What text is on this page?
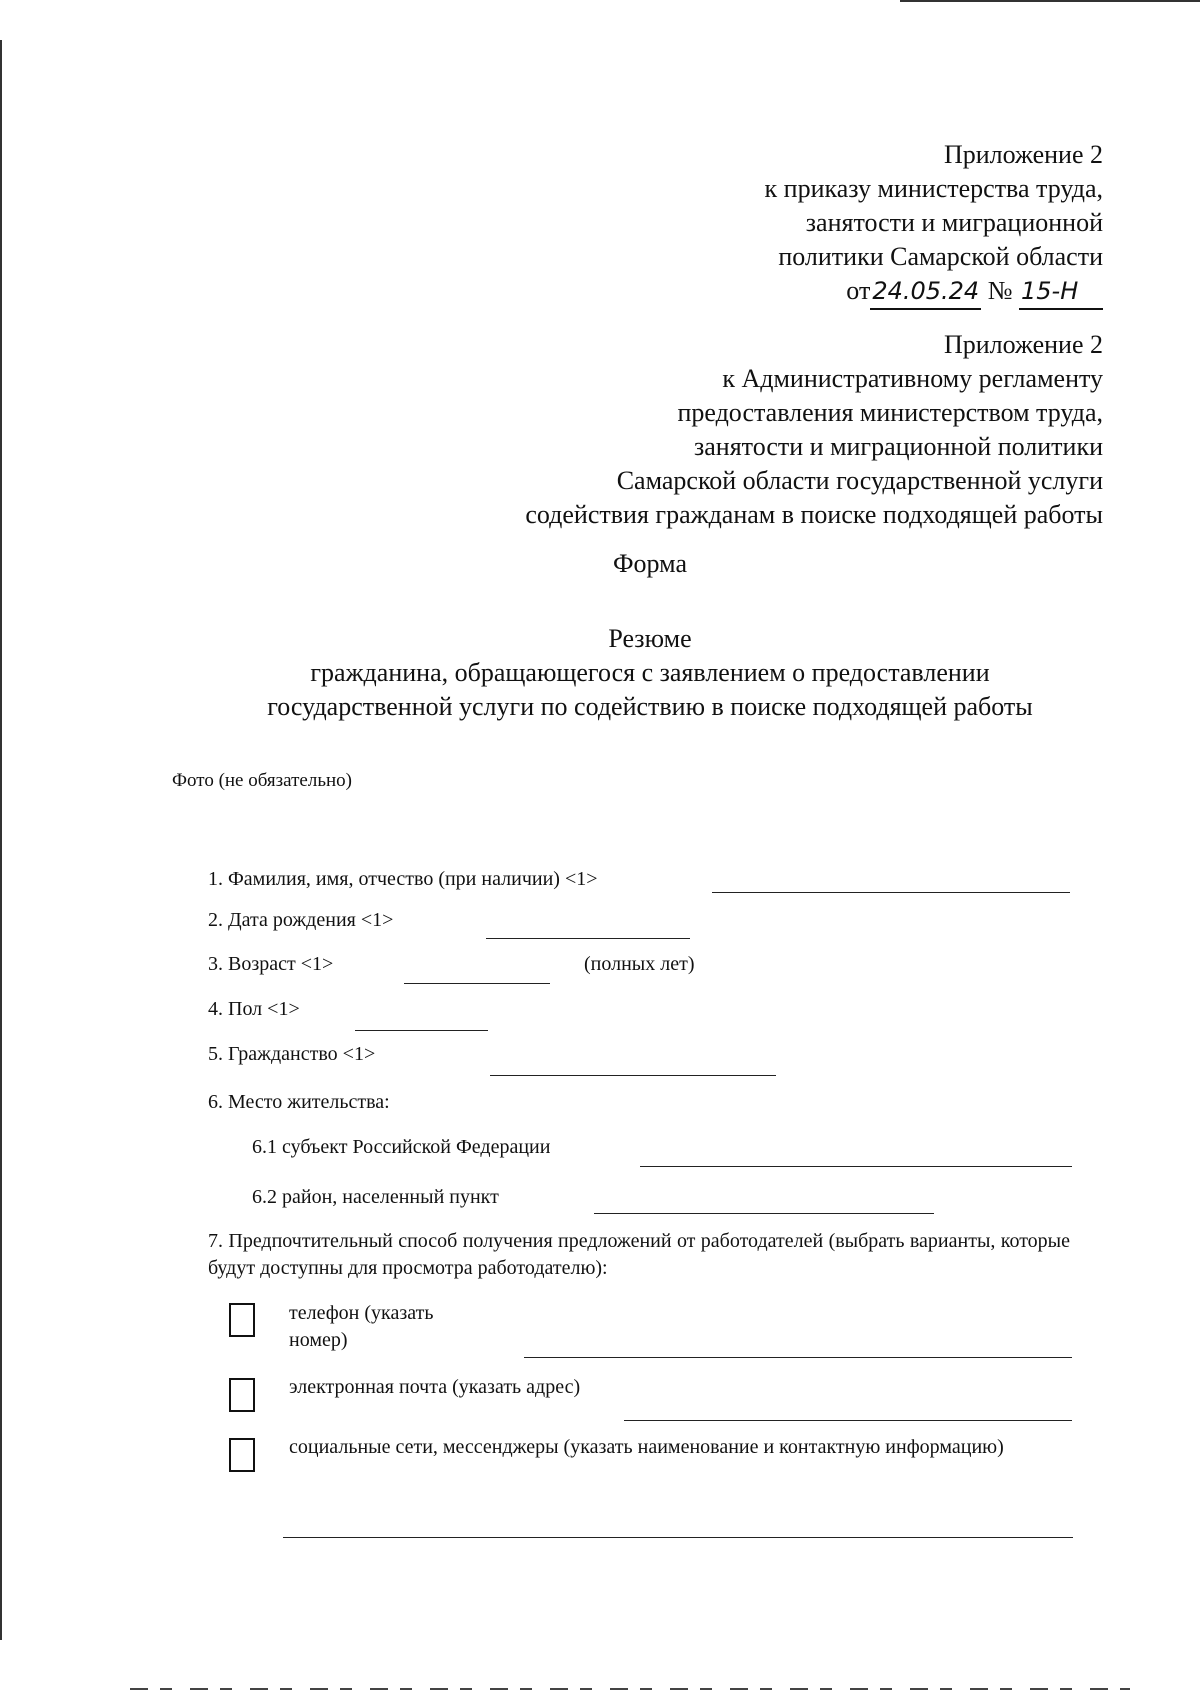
Приложение 2
к приказу министерства труда,
занятости и миграционной
политики Самарской области
от24.05.24 № 15-Н
Приложение 2
к Административному регламенту
предоставления министерством труда,
занятости и миграционной политики
Самарской области государственной услуги
содействия гражданам в поиске подходящей работы
Форма
Резюме
гражданина, обращающегося с заявлением о предоставлении
государственной услуги по содействию в поиске подходящей работы
Фото (не обязательно)
1. Фамилия, имя, отчество (при наличии) <1>
2. Дата рождения <1>
3. Возраст <1>	(полных лет)
4. Пол <1>
5. Гражданство <1>
6. Место жительства:
6.1 субъект Российской Федерации
6.2 район, населенный пункт
7. Предпочтительный способ получения предложений от работодателей (выбрать варианты, которые будут доступны для просмотра работодателю):
телефон (указать
номер)
электронная почта (указать адрес)
социальные сети, мессенджеры (указать наименование и контактную информацию)
